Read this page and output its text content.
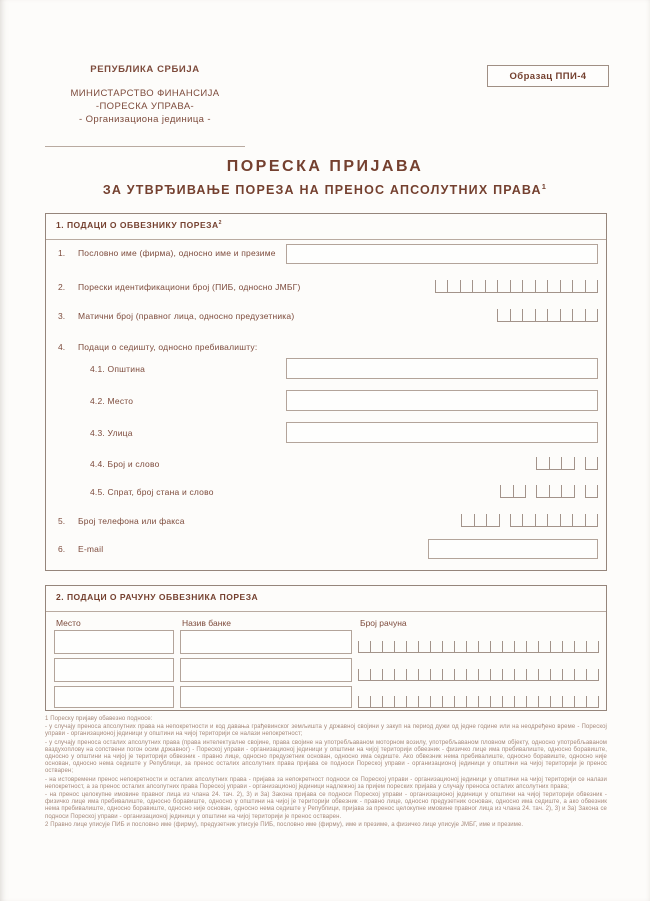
РЕПУБЛИКА СРБИЈА
МИНИСТАРСТВО ФИНАНСИЈА
-ПОРЕСКА УПРАВА-
- Организациона јединица -
Образац ППИ-4
ПОРЕСКА ПРИЈАВА
ЗА УТВРЂИВАЊЕ ПОРЕЗА НА ПРЕНОС АПСОЛУТНИХ ПРАВА$^1$
1. ПОДАЦИ О ОБВЕЗНИКУ ПОРЕЗА$^2$
1. Пословно име (фирма), односно име и презиме
2. Порески идентификациони број (ПИБ, односно ЈМБГ)
3. Матични број (правног лица, односно предузетника)
4. Подаци о седишту, односно пребивалишту:
4.1. Општина
4.2. Место
4.3. Улица
4.4. Број и слово
4.5. Спрат, број стана и слово
5. Број телефона или факса
6. E-mail
2. ПОДАЦИ О РАЧУНУ ОБВЕЗНИКА ПОРЕЗА
Место	Назив банке	Број рачуна

1 Пореску пријаву обавезно подносе:

- у случају преноса апсолутних права на непокретности и код давања грађевинског земљишта у државној својини у закуп на период дужи од једне године или на неодређено време - Пореској управи - организационој јединици у општини на чијој територији се налази непокретност;

- у случају преноса осталих апсолутних права (права интелектуалне својине, права својине на употребљаваном моторном возилу, употребљаваном пловном објекту, односно употребљаваном ваздухоплову на сопствени погон осим државног) - Пореској управи - организационој јединици у општини на чијој територији обвезник - физичко лице има пребивалиште, односно боравиште, односно у општини на чијој је територији обвезник - правно лице, односно предузетник основан, односно има седиште. Ако обвезник нема пребивалиште, односно боравиште, односно није основан, односно нема седиште у Републици, за пренос осталих апсолутних права пријава се подноси Пореској управи - организационој јединици у општини на чијој територији је пренос остварен;

- на истовремени пренос непокретности и осталих апсолутних права - пријава за непокретност подноси се Пореској управи - организационој јединици у општини на чијој територији се налази непокретност, а за пренос осталих апсолутних права Пореској управи - организационој јединици надлежној за пријем пореских пријава у случају преноса осталих апсолутних права;

- на пренос целокупне имовине правног лица из члана 24. тач. 2), 3) и 3а) Закона пријава се подноси Пореској управи - организационој јединици у општини на чијој територији обвезник - физичко лице има пребивалиште, односно боравиште, односно у општини на чијој је територији обвезник - правно лице, односно предузетник основан, односно има седиште, а ако обвезник нема пребивалиште, односно боравиште, односно није основан, односно нема седиште у Републици, пријава за пренос целокупне имовине правног лица из члана 24. тач. 2), 3) и 3а) Закона се подноси Пореској управи - организационој јединици у општини на чијој територији је пренос остварен.

2 Правно лице уписује ПИБ и пословно име (фирму), предузетник уписује ПИБ, пословно име (фирму), име и презиме, а физичко лице уписује ЈМБГ, име и презиме.
